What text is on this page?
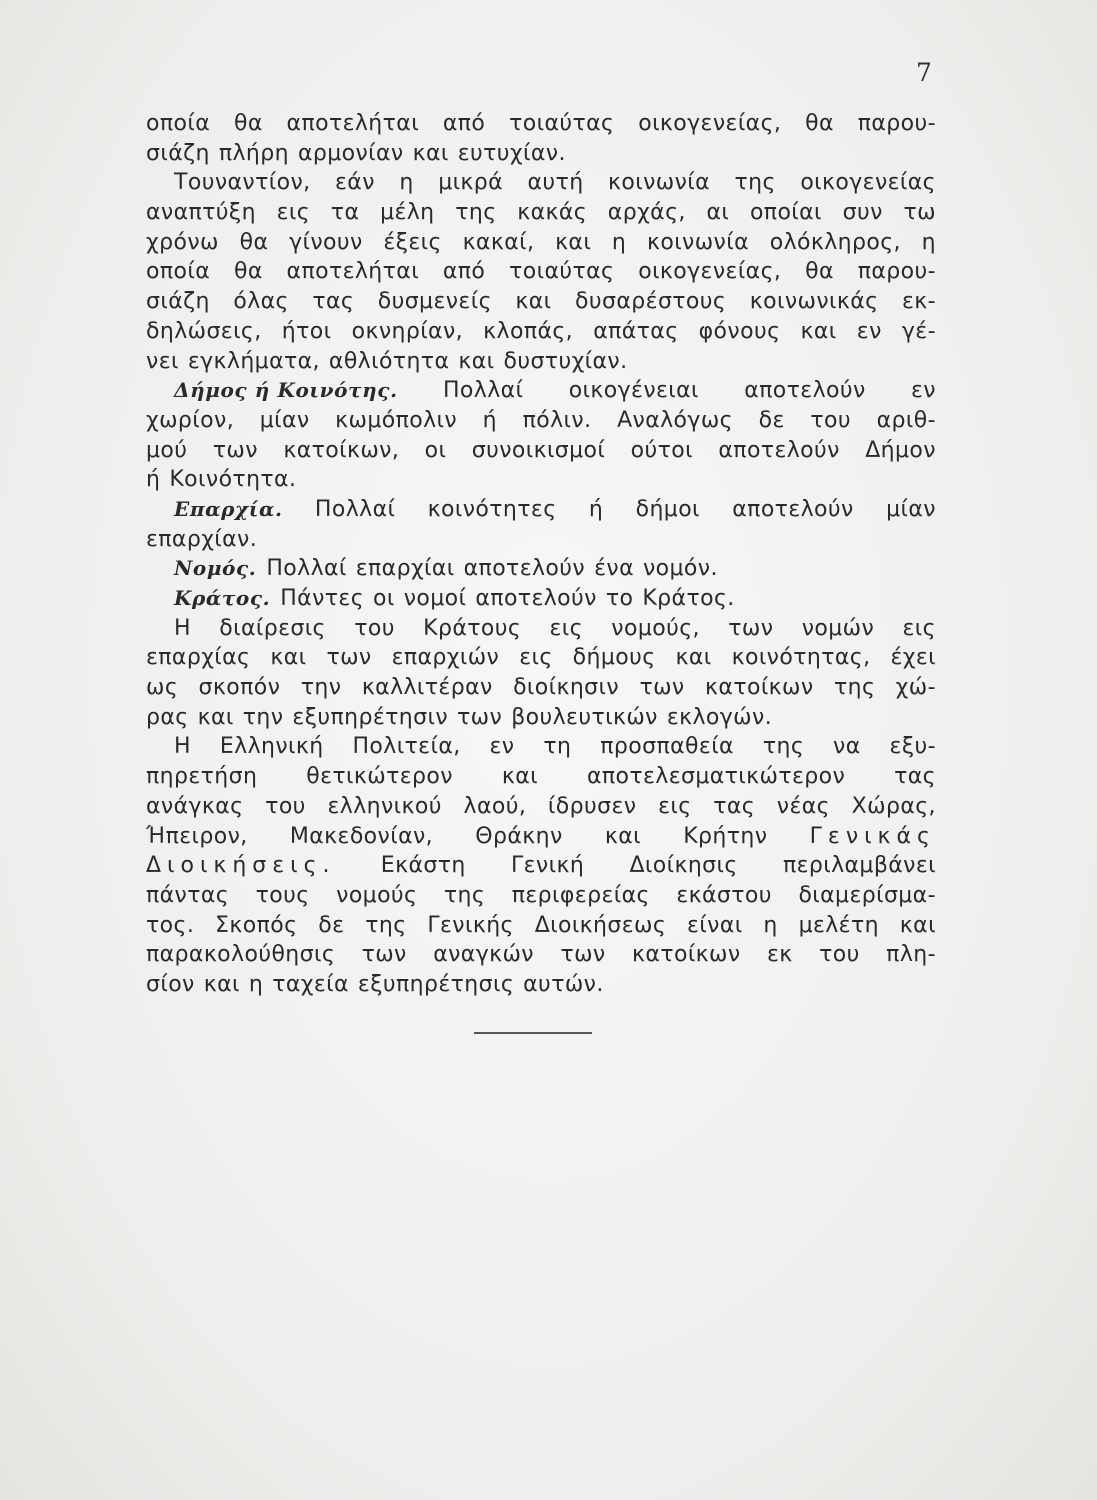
7
οποία θα αποτελήται από τοιαύτας οικογενείας, θα παρου-
σιάζη πλήρη αρμονίαν και ευτυχίαν.
Τουναντίον, εάν η μικρά αυτή κοινωνία της οικογενείας
αναπτύξη εις τα μέλη της κακάς αρχάς, αι οποίαι συν τω
χρόνω θα γίνουν έξεις κακαί, και η κοινωνία ολόκληρος, η
οποία θα αποτελήται από τοιαύτας οικογενείας, θα παρου-
σιάζη όλας τας δυσμενείς και δυσαρέστους κοινωνικάς εκ-
δηλώσεις, ήτοι οκνηρίαν, κλοπάς, απάτας φόνους και εν γέ-
νει εγκλήματα, αθλιότητα και δυστυχίαν.
Δήμος ή Κοινότης. Πολλαί οικογένειαι αποτελούν εν
χωρίον, μίαν κωμόπολιν ή πόλιν. Αναλόγως δε του αριθ-
μού των κατοίκων, οι συνοικισμοί ούτοι αποτελούν Δήμον
ή Κοινότητα.
Επαρχία. Πολλαί κοινότητες ή δήμοι αποτελούν μίαν
επαρχίαν.
Νομός. Πολλαί επαρχίαι αποτελούν ένα νομόν.
Κράτος. Πάντες οι νομοί αποτελούν το Κράτος.
Η διαίρεσις του Κράτους εις νομούς, των νομών εις
επαρχίας και των επαρχιών εις δήμους και κοινότητας, έχει
ως σκοπόν την καλλιτέραν διοίκησιν των κατοίκων της χώ-
ρας και την εξυπηρέτησιν των βουλευτικών εκλογών.
Η Ελληνική Πολιτεία, εν τη προσπαθεία της να εξυ-
πηρετήση θετικώτερον και αποτελεσματικώτερον τας
ανάγκας του ελληνικού λαού, ίδρυσεν εις τας νέας Χώρας,
Ήπειρον, Μακεδονίαν, Θράκην και Κρήτην Γενικάς
Διοικήσεις. Εκάστη Γενική Διοίκησις περιλαμβάνει
πάντας τους νομούς της περιφερείας εκάστου διαμερίσμα-
τος. Σκοπός δε της Γενικής Διοικήσεως είναι η μελέτη και
παρακολούθησις των αναγκών των κατοίκων εκ του πλη-
σίον και η ταχεία εξυπηρέτησις αυτών.
